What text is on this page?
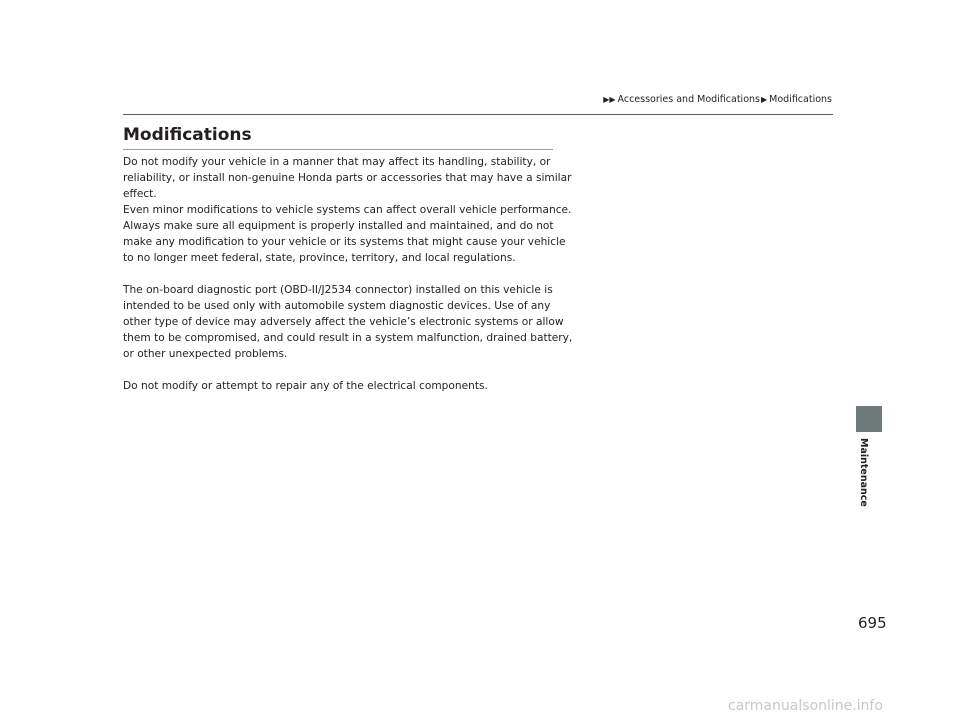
▶ ▶ Accessories and Modifications ▶ Modifications
Modifications
Do not modify your vehicle in a manner that may affect its handling, stability, or
reliability, or install non-genuine Honda parts or accessories that may have a similar
effect.
Even minor modifications to vehicle systems can affect overall vehicle performance.
Always make sure all equipment is properly installed and maintained, and do not
make any modification to your vehicle or its systems that might cause your vehicle
to no longer meet federal, state, province, territory, and local regulations.
The on-board diagnostic port (OBD-II/J2534 connector) installed on this vehicle is
intended to be used only with automobile system diagnostic devices. Use of any
other type of device may adversely affect the vehicle’s electronic systems or allow
them to be compromised, and could result in a system malfunction, drained battery,
or other unexpected problems.
Do not modify or attempt to repair any of the electrical components.
Maintenance
695
carmanualsonline.info
